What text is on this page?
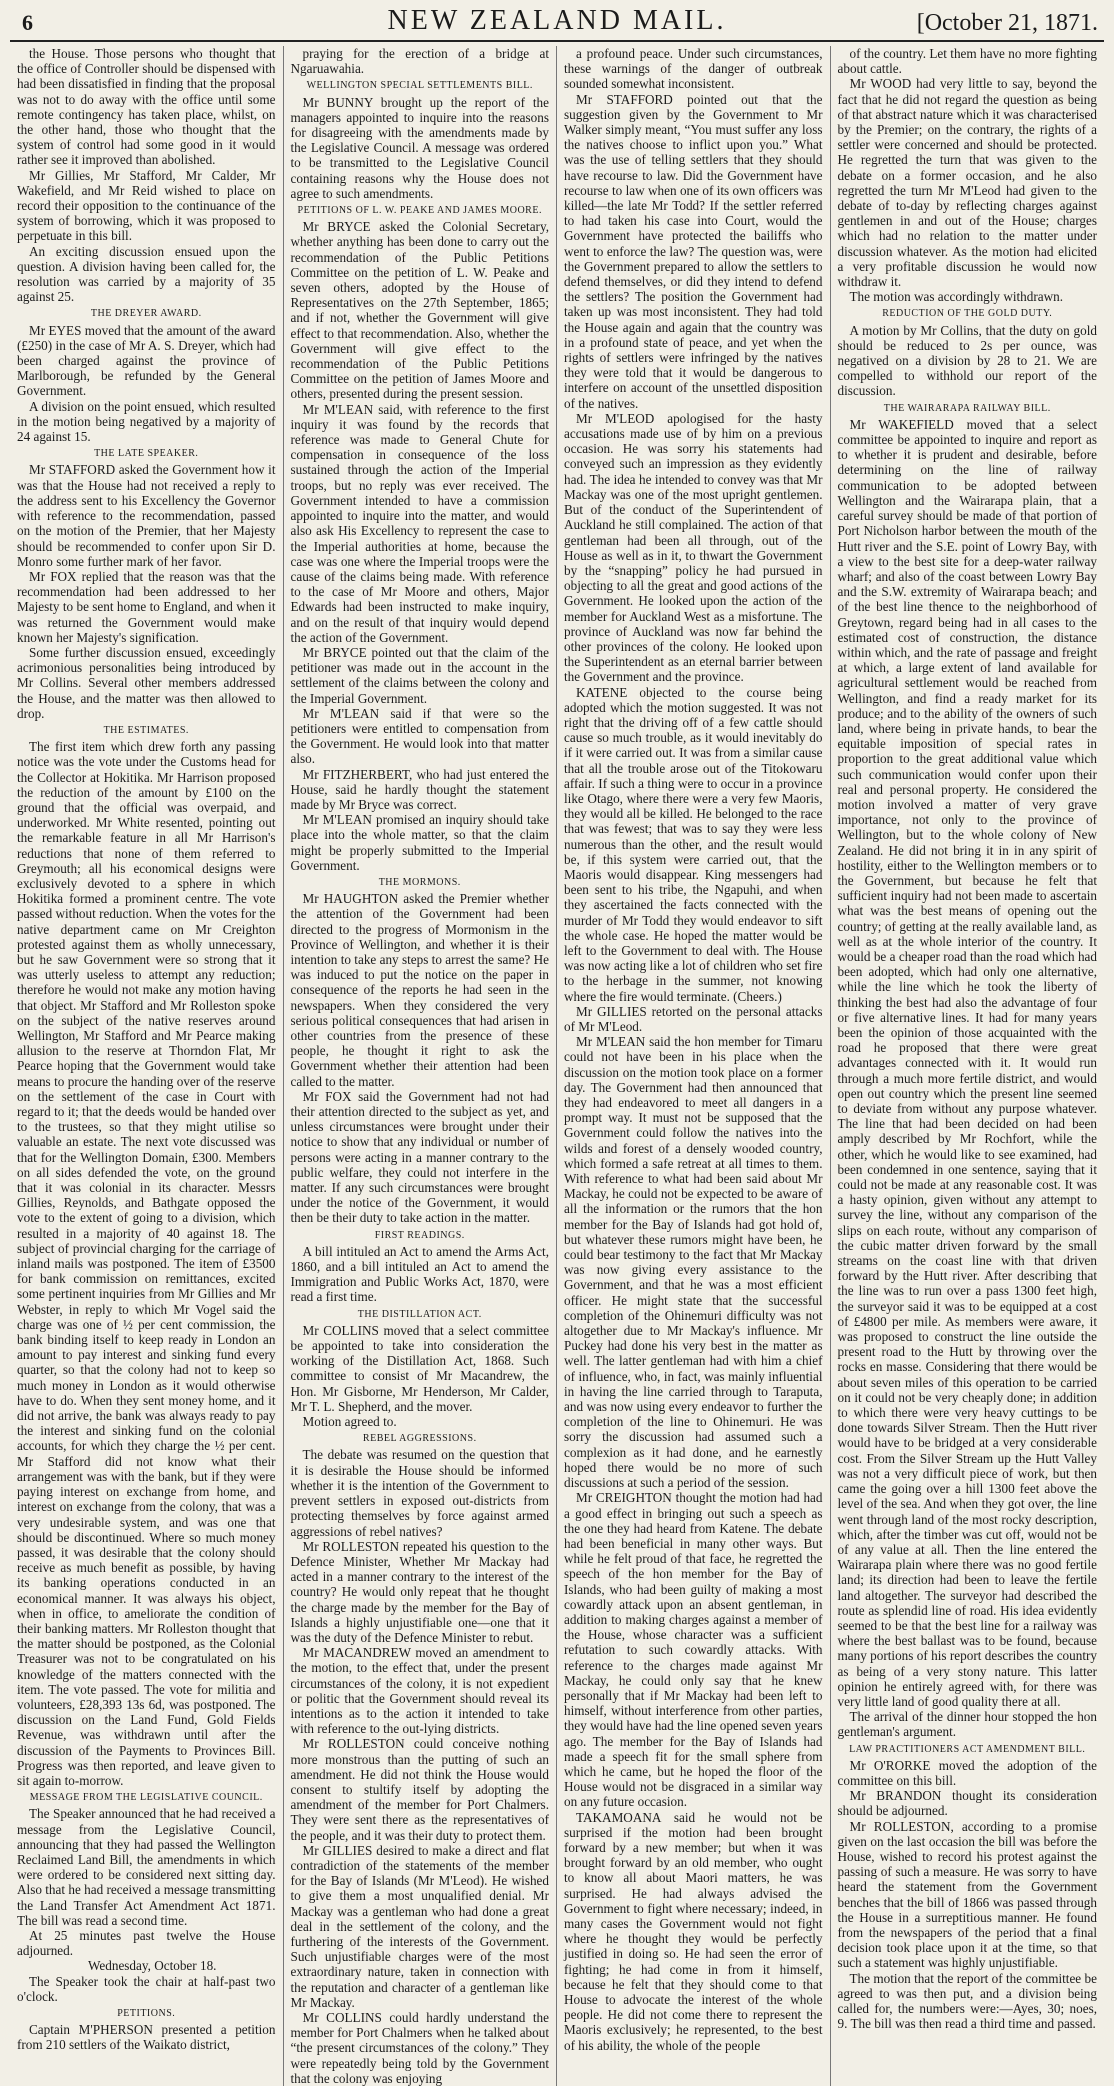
6	NEW ZEALAND MAIL.	[October 21, 1871.

the House. Those persons who thought that the office of Controller should be dispensed with had been dissatisfied in finding that the proposal was not to do away with the office until some remote contingency has taken place, whilst, on the other hand, those who thought that the system of control had some good in it would rather see it improved than abolished.

Mr Gillies, Mr Stafford, Mr Calder, Mr Wakefield, and Mr Reid wished to place on record their opposition to the continuance of the system of borrowing, which it was proposed to perpetuate in this bill.

An exciting discussion ensued upon the question. A division having been called for, the resolution was carried by a majority of 35 against 25.

THE DREYER AWARD.

Mr EYES moved that the amount of the award (£250) in the case of Mr A. S. Dreyer, which had been charged against the province of Marlborough, be refunded by the General Government.

A division on the point ensued, which resulted in the motion being negatived by a majority of 24 against 15.

THE LATE SPEAKER.

Mr STAFFORD asked the Government how it was that the House had not received a reply to the address sent to his Excellency the Governor with reference to the recommendation, passed on the motion of the Premier, that her Majesty should be recommended to confer upon Sir D. Monro some further mark of her favor.

Mr FOX replied that the reason was that the recommendation had been addressed to her Majesty to be sent home to England, and when it was returned the Government would make known her Majesty's signification.

Some further discussion ensued, exceedingly acrimonious personalities being introduced by Mr Collins. Several other members addressed the House, and the matter was then allowed to drop.

THE ESTIMATES.

The first item which drew forth any passing notice was the vote under the Customs head for the Collector at Hokitika. Mr Harrison proposed the reduction of the amount by £100 on the ground that the official was overpaid, and underworked. Mr White resented, pointing out the remarkable feature in all Mr Harrison's reductions that none of them referred to Greymouth; all his economical designs were exclusively devoted to a sphere in which Hokitika formed a prominent centre. The vote passed without reduction. When the votes for the native department came on Mr Creighton protested against them as wholly unnecessary, but he saw Government were so strong that it was utterly useless to attempt any reduction; therefore he would not make any motion having that object. Mr Stafford and Mr Rolleston spoke on the subject of the native reserves around Wellington, Mr Stafford and Mr Pearce making allusion to the reserve at Thorndon Flat, Mr Pearce hoping that the Government would take means to procure the handing over of the reserve on the settlement of the case in Court with regard to it; that the deeds would be handed over to the trustees, so that they might utilise so valuable an estate. The next vote discussed was that for the Wellington Domain, £300. Members on all sides defended the vote, on the ground that it was colonial in its character. Messrs Gillies, Reynolds, and Bathgate opposed the vote to the extent of going to a division, which resulted in a majority of 40 against 18. The subject of provincial charging for the carriage of inland mails was postponed. The item of £3500 for bank commission on remittances, excited some pertinent inquiries from Mr Gillies and Mr Webster, in reply to which Mr Vogel said the charge was one of ½ per cent commission, the bank binding itself to keep ready in London an amount to pay interest and sinking fund every quarter, so that the colony had not to keep so much money in London as it would otherwise have to do. When they sent money home, and it did not arrive, the bank was always ready to pay the interest and sinking fund on the colonial accounts, for which they charge the ½ per cent. Mr Stafford did not know what their arrangement was with the bank, but if they were paying interest on exchange from home, and interest on exchange from the colony, that was a very undesirable system, and was one that should be discontinued. Where so much money passed, it was desirable that the colony should receive as much benefit as possible, by having its banking operations conducted in an economical manner. It was always his object, when in office, to ameliorate the condition of their banking matters. Mr Rolleston thought that the matter should be postponed, as the Colonial Treasurer was not to be congratulated on his knowledge of the matters connected with the item. The vote passed. The vote for militia and volunteers, £28,393 13s 6d, was postponed. The discussion on the Land Fund, Gold Fields Revenue, was withdrawn until after the discussion of the Payments to Provinces Bill. Progress was then reported, and leave given to sit again to-morrow.

MESSAGE FROM THE LEGISLATIVE COUNCIL.

The Speaker announced that he had received a message from the Legislative Council, announcing that they had passed the Wellington Reclaimed Land Bill, the amendments in which were ordered to be considered next sitting day. Also that he had received a message transmitting the Land Transfer Act Amendment Act 1871. The bill was read a second time.

At 25 minutes past twelve the House adjourned.

Wednesday, October 18.

The Speaker took the chair at half-past two o'clock.

PETITIONS.

Captain M'PHERSON presented a petition from 210 settlers of the Waikato district,

praying for the erection of a bridge at Ngaruawahia.

WELLINGTON SPECIAL SETTLEMENTS BILL.

Mr BUNNY brought up the report of the managers appointed to inquire into the reasons for disagreeing with the amendments made by the Legislative Council. A message was ordered to be transmitted to the Legislative Council containing reasons why the House does not agree to such amendments.

PETITIONS OF L. W. PEAKE AND JAMES MOORE.

Mr BRYCE asked the Colonial Secretary, whether anything has been done to carry out the recommendation of the Public Petitions Committee on the petition of L. W. Peake and seven others, adopted by the House of Representatives on the 27th September, 1865; and if not, whether the Government will give effect to that recommendation. Also, whether the Government will give effect to the recommendation of the Public Petitions Committee on the petition of James Moore and others, presented during the present session.

Mr M'LEAN said, with reference to the first inquiry it was found by the records that reference was made to General Chute for compensation in consequence of the loss sustained through the action of the Imperial troops, but no reply was ever received. The Government intended to have a commission appointed to inquire into the matter, and would also ask His Excellency to represent the case to the Imperial authorities at home, because the case was one where the Imperial troops were the cause of the claims being made. With reference to the case of Mr Moore and others, Major Edwards had been instructed to make inquiry, and on the result of that inquiry would depend the action of the Government.

Mr BRYCE pointed out that the claim of the petitioner was made out in the account in the settlement of the claims between the colony and the Imperial Government.

Mr M'LEAN said if that were so the petitioners were entitled to compensation from the Government. He would look into that matter also.

Mr FITZHERBERT, who had just entered the House, said he hardly thought the statement made by Mr Bryce was correct.

Mr M'LEAN promised an inquiry should take place into the whole matter, so that the claim might be properly submitted to the Imperial Government.

THE MORMONS.

Mr HAUGHTON asked the Premier whether the attention of the Government had been directed to the progress of Mormonism in the Province of Wellington, and whether it is their intention to take any steps to arrest the same? He was induced to put the notice on the paper in consequence of the reports he had seen in the newspapers. When they considered the very serious political consequences that had arisen in other countries from the presence of these people, he thought it right to ask the Government whether their attention had been called to the matter.

Mr FOX said the Government had not had their attention directed to the subject as yet, and unless circumstances were brought under their notice to show that any individual or number of persons were acting in a manner contrary to the public welfare, they could not interfere in the matter. If any such circumstances were brought under the notice of the Government, it would then be their duty to take action in the matter.

FIRST READINGS.

A bill intituled an Act to amend the Arms Act, 1860, and a bill intituled an Act to amend the Immigration and Public Works Act, 1870, were read a first time.

THE DISTILLATION ACT.

Mr COLLINS moved that a select committee be appointed to take into consideration the working of the Distillation Act, 1868. Such committee to consist of Mr Macandrew, the Hon. Mr Gisborne, Mr Henderson, Mr Calder, Mr T. L. Shepherd, and the mover.

Motion agreed to.

REBEL AGGRESSIONS.

The debate was resumed on the question that it is desirable the House should be informed whether it is the intention of the Government to prevent settlers in exposed out-districts from protecting themselves by force against armed aggressions of rebel natives?

Mr ROLLESTON repeated his question to the Defence Minister, Whether Mr Mackay had acted in a manner contrary to the interest of the country? He would only repeat that he thought the charge made by the member for the Bay of Islands a highly unjustifiable one—one that it was the duty of the Defence Minister to rebut.

Mr MACANDREW moved an amendment to the motion, to the effect that, under the present circumstances of the colony, it is not expedient or politic that the Government should reveal its intentions as to the action it intended to take with reference to the out-lying districts.

Mr ROLLESTON could conceive nothing more monstrous than the putting of such an amendment. He did not think the House would consent to stultify itself by adopting the amendment of the member for Port Chalmers. They were sent there as the representatives of the people, and it was their duty to protect them.

Mr GILLIES desired to make a direct and flat contradiction of the statements of the member for the Bay of Islands (Mr M'Leod). He wished to give them a most unqualified denial. Mr Mackay was a gentleman who had done a great deal in the settlement of the colony, and the furthering of the interests of the Government. Such unjustifiable charges were of the most extraordinary nature, taken in connection with the reputation and character of a gentleman like Mr Mackay.

Mr COLLINS could hardly understand the member for Port Chalmers when he talked about “the present circumstances of the colony.” They were repeatedly being told by the Government that the colony was enjoying

a profound peace. Under such circumstances, these warnings of the danger of outbreak sounded somewhat inconsistent.

Mr STAFFORD pointed out that the suggestion given by the Government to Mr Walker simply meant, “You must suffer any loss the natives choose to inflict upon you.” What was the use of telling settlers that they should have recourse to law. Did the Government have recourse to law when one of its own officers was killed—the late Mr Todd? If the settler referred to had taken his case into Court, would the Government have protected the bailiffs who went to enforce the law? The question was, were the Government prepared to allow the settlers to defend themselves, or did they intend to defend the settlers? The position the Government had taken up was most inconsistent. They had told the House again and again that the country was in a profound state of peace, and yet when the rights of settlers were infringed by the natives they were told that it would be dangerous to interfere on account of the unsettled disposition of the natives.

Mr M'LEOD apologised for the hasty accusations made use of by him on a previous occasion. He was sorry his statements had conveyed such an impression as they evidently had. The idea he intended to convey was that Mr Mackay was one of the most upright gentlemen. But of the conduct of the Superintendent of Auckland he still complained. The action of that gentleman had been all through, out of the House as well as in it, to thwart the Government by the “snapping” policy he had pursued in objecting to all the great and good actions of the Government. He looked upon the action of the member for Auckland West as a misfortune. The province of Auckland was now far behind the other provinces of the colony. He looked upon the Superintendent as an eternal barrier between the Government and the province.

KATENE objected to the course being adopted which the motion suggested. It was not right that the driving off of a few cattle should cause so much trouble, as it would inevitably do if it were carried out. It was from a similar cause that all the trouble arose out of the Titokowaru affair. If such a thing were to occur in a province like Otago, where there were a very few Maoris, they would all be killed. He belonged to the race that was fewest; that was to say they were less numerous than the other, and the result would be, if this system were carried out, that the Maoris would disappear. King messengers had been sent to his tribe, the Ngapuhi, and when they ascertained the facts connected with the murder of Mr Todd they would endeavor to sift the whole case. He hoped the matter would be left to the Government to deal with. The House was now acting like a lot of children who set fire to the herbage in the summer, not knowing where the fire would terminate. (Cheers.)

Mr GILLIES retorted on the personal attacks of Mr M'Leod.

Mr M'LEAN said the hon member for Timaru could not have been in his place when the discussion on the motion took place on a former day. The Government had then announced that they had endeavored to meet all dangers in a prompt way. It must not be supposed that the Government could follow the natives into the wilds and forest of a densely wooded country, which formed a safe retreat at all times to them. With reference to what had been said about Mr Mackay, he could not be expected to be aware of all the information or the rumors that the hon member for the Bay of Islands had got hold of, but whatever these rumors might have been, he could bear testimony to the fact that Mr Mackay was now giving every assistance to the Government, and that he was a most efficient officer. He might state that the successful completion of the Ohinemuri difficulty was not altogether due to Mr Mackay's influence. Mr Puckey had done his very best in the matter as well. The latter gentleman had with him a chief of influence, who, in fact, was mainly influential in having the line carried through to Taraputa, and was now using every endeavor to further the completion of the line to Ohinemuri. He was sorry the discussion had assumed such a complexion as it had done, and he earnestly hoped there would be no more of such discussions at such a period of the session.

Mr CREIGHTON thought the motion had had a good effect in bringing out such a speech as the one they had heard from Katene. The debate had been beneficial in many other ways. But while he felt proud of that face, he regretted the speech of the hon member for the Bay of Islands, who had been guilty of making a most cowardly attack upon an absent gentleman, in addition to making charges against a member of the House, whose character was a sufficient refutation to such cowardly attacks. With reference to the charges made against Mr Mackay, he could only say that he knew personally that if Mr Mackay had been left to himself, without interference from other parties, they would have had the line opened seven years ago. The member for the Bay of Islands had made a speech fit for the small sphere from which he came, but he hoped the floor of the House would not be disgraced in a similar way on any future occasion.

TAKAMOANA said he would not be surprised if the motion had been brought forward by a new member; but when it was brought forward by an old member, who ought to know all about Maori matters, he was surprised. He had always advised the Government to fight where necessary; indeed, in many cases the Government would not fight where he thought they would be perfectly justified in doing so. He had seen the error of fighting; he had come in from it himself, because he felt that they should come to that House to advocate the interest of the whole people. He did not come there to represent the Maoris exclusively; he represented, to the best of his ability, the whole of the people

of the country. Let them have no more fighting about cattle.

Mr WOOD had very little to say, beyond the fact that he did not regard the question as being of that abstract nature which it was characterised by the Premier; on the contrary, the rights of a settler were concerned and should be protected. He regretted the turn that was given to the debate on a former occasion, and he also regretted the turn Mr M'Leod had given to the debate of to-day by reflecting charges against gentlemen in and out of the House; charges which had no relation to the matter under discussion whatever. As the motion had elicited a very profitable discussion he would now withdraw it.

The motion was accordingly withdrawn.

REDUCTION OF THE GOLD DUTY.

A motion by Mr Collins, that the duty on gold should be reduced to 2s per ounce, was negatived on a division by 28 to 21. We are compelled to withhold our report of the discussion.

THE WAIRARAPA RAILWAY BILL.

Mr WAKEFIELD moved that a select committee be appointed to inquire and report as to whether it is prudent and desirable, before determining on the line of railway communication to be adopted between Wellington and the Wairarapa plain, that a careful survey should be made of that portion of Port Nicholson harbor between the mouth of the Hutt river and the S.E. point of Lowry Bay, with a view to the best site for a deep-water railway wharf; and also of the coast between Lowry Bay and the S.W. extremity of Wairarapa beach; and of the best line thence to the neighborhood of Greytown, regard being had in all cases to the estimated cost of construction, the distance within which, and the rate of passage and freight at which, a large extent of land available for agricultural settlement would be reached from Wellington, and find a ready market for its produce; and to the ability of the owners of such land, where being in private hands, to bear the equitable imposition of special rates in proportion to the great additional value which such communication would confer upon their real and personal property. He considered the motion involved a matter of very grave importance, not only to the province of Wellington, but to the whole colony of New Zealand. He did not bring it in in any spirit of hostility, either to the Wellington members or to the Government, but because he felt that sufficient inquiry had not been made to ascertain what was the best means of opening out the country; of getting at the really available land, as well as at the whole interior of the country. It would be a cheaper road than the road which had been adopted, which had only one alternative, while the line which he took the liberty of thinking the best had also the advantage of four or five alternative lines. It had for many years been the opinion of those acquainted with the road he proposed that there were great advantages connected with it. It would run through a much more fertile district, and would open out country which the present line seemed to deviate from without any purpose whatever. The line that had been decided on had been amply described by Mr Rochfort, while the other, which he would like to see examined, had been condemned in one sentence, saying that it could not be made at any reasonable cost. It was a hasty opinion, given without any attempt to survey the line, without any comparison of the slips on each route, without any comparison of the cubic matter driven forward by the small streams on the coast line with that driven forward by the Hutt river. After describing that the line was to run over a pass 1300 feet high, the surveyor said it was to be equipped at a cost of £4800 per mile. As members were aware, it was proposed to construct the line outside the present road to the Hutt by throwing over the rocks en masse. Considering that there would be about seven miles of this operation to be carried on it could not be very cheaply done; in addition to which there were very heavy cuttings to be done towards Silver Stream. Then the Hutt river would have to be bridged at a very considerable cost. From the Silver Stream up the Hutt Valley was not a very difficult piece of work, but then came the going over a hill 1300 feet above the level of the sea. And when they got over, the line went through land of the most rocky description, which, after the timber was cut off, would not be of any value at all. Then the line entered the Wairarapa plain where there was no good fertile land; its direction had been to leave the fertile land altogether. The surveyor had described the route as splendid line of road. His idea evidently seemed to be that the best line for a railway was where the best ballast was to be found, because many portions of his report describes the country as being of a very stony nature. This latter opinion he entirely agreed with, for there was very little land of good quality there at all.

The arrival of the dinner hour stopped the hon gentleman's argument.

LAW PRACTITIONERS ACT AMENDMENT BILL.

Mr O'RORKE moved the adoption of the committee on this bill.

Mr BRANDON thought its consideration should be adjourned.

Mr ROLLESTON, according to a promise given on the last occasion the bill was before the House, wished to record his protest against the passing of such a measure. He was sorry to have heard the statement from the Government benches that the bill of 1866 was passed through the House in a surreptitious manner. He found from the newspapers of the period that a final decision took place upon it at the time, so that such a statement was highly unjustifiable.

The motion that the report of the committee be agreed to was then put, and a division being called for, the numbers were:—Ayes, 30; noes, 9. The bill was then read a third time and passed.
